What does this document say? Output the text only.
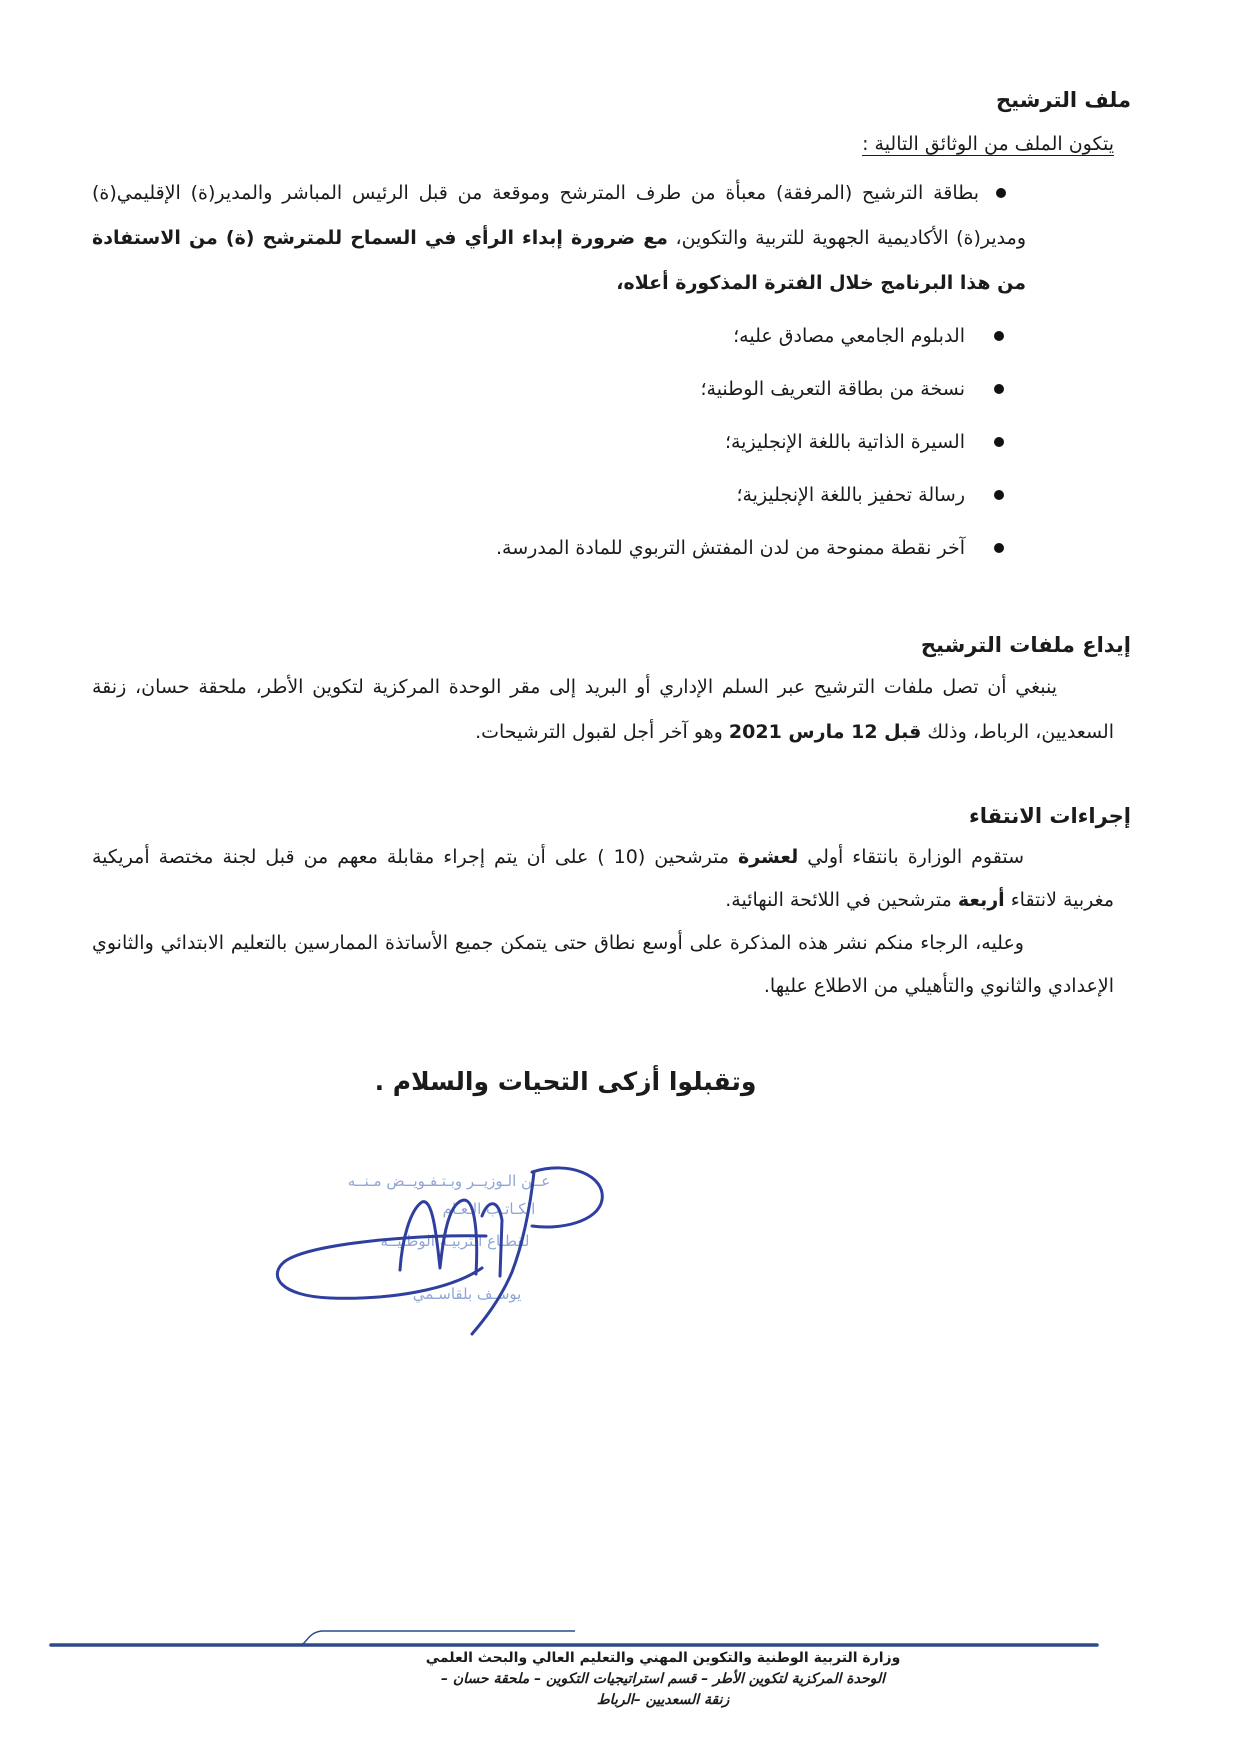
ملف الترشيح

يتكون الملف من الوثائق التالية :

بطاقة الترشيح (المرفقة) معبأة من طرف المترشح وموقعة من قبل الرئيس المباشر والمدير(ة) الإقليمي(ة) ومدير(ة) الأكاديمية الجهوية للتربية والتكوين، مع ضرورة إبداء الرأي في السماح للمترشح (ة) من الاستفادة من هذا البرنامج خلال الفترة المذكورة أعلاه،

الدبلوم الجامعي مصادق عليه؛
نسخة من بطاقة التعريف الوطنية؛
السيرة الذاتية باللغة الإنجليزية؛
رسالة تحفيز باللغة الإنجليزية؛
آخر نقطة ممنوحة من لدن المفتش التربوي للمادة المدرسة.
إيداع ملفات الترشيح

ينبغي أن تصل ملفات الترشيح عبر السلم الإداري أو البريد إلى مقر الوحدة المركزية لتكوين الأطر، ملحقة حسان، زنقة السعديين، الرباط، وذلك قبل 12 مارس 2021 وهو آخر أجل لقبول الترشيحات.

إجراءات الانتقاء

ستقوم الوزارة بانتقاء أولي لعشرة مترشحين (10 ) على أن يتم إجراء مقابلة معهم من قبل لجنة مختصة أمريكية مغربية لانتقاء أربعة مترشحين في اللائحة النهائية.

وعليه، الرجاء منكم نشر هذه المذكرة على أوسع نطاق حتى يتمكن جميع الأساتذة الممارسين بالتعليم الابتدائي والثانوي الإعدادي والثانوي والتأهيلي من الاطلاع عليها.

وتقبلوا أزكى التحيات والسلام .

عــن الـوزيــر وبـتـفـويــض مـنــه
الكـاتـب الـعـام
لقطـاع التربيـة الوطنيــة
يوسـف بلقاسـمي
وزارة التربية الوطنية والتكوين المهني والتعليم العالي والبحث العلمي
الوحدة المركزية لتكوين الأطر – قسم استراتيجيات التكوين – ملحقة حسان –
زنقة السعديين –الرباط
